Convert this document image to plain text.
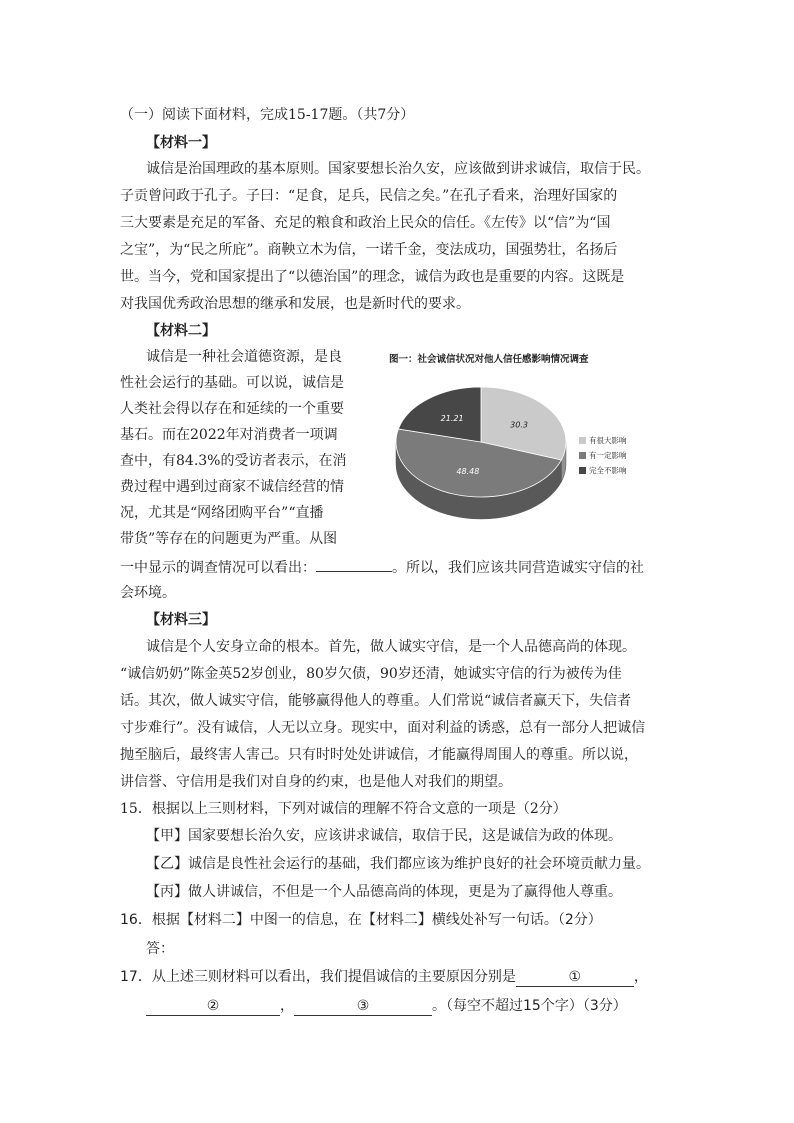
（一）阅读下面材料，完成15-17题。（共7分）
【材料一】
诚信是治国理政的基本原则。国家要想长治久安，应该做到讲求诚信，取信于民。
子贡曾问政于孔子。子曰：“足食，足兵，民信之矣。”在孔子看来，治理好国家的
三大要素是充足的军备、充足的粮食和政治上民众的信任。《左传》以“信”为“国
之宝”，为“民之所庇”。商鞅立木为信，一诺千金，变法成功，国强势壮，名扬后
世。当今，党和国家提出了“以德治国”的理念，诚信为政也是重要的内容。这既是
对我国优秀政治思想的继承和发展，也是新时代的要求。
【材料二】
诚信是一种社会道德资源，是良
性社会运行的基础。可以说，诚信是
人类社会得以存在和延续的一个重要
基石。而在2022年对消费者一项调
查中，有84.3%的受访者表示，在消
费过程中遇到过商家不诚信经营的情
况，尤其是“网络团购平台”“直播
带货”等存在的问题更为严重。从图
一中显示的调查情况可以看出：	。所以，我们应该共同营造诚实守信的社
会环境。
图一：社会诚信状况对他人信任感影响情况调查
30.3
48.48
21.21
有很大影响
有一定影响
完全不影响
【材料三】
诚信是个人安身立命的根本。首先，做人诚实守信，是一个人品德高尚的体现。
“诚信奶奶”陈金英52岁创业，80岁欠债，90岁还清，她诚实守信的行为被传为佳
话。其次，做人诚实守信，能够赢得他人的尊重。人们常说“诚信者赢天下，失信者
寸步难行”。没有诚信，人无以立身。现实中，面对利益的诱惑，总有一部分人把诚信
抛至脑后，最终害人害己。只有时时处处讲诚信，才能赢得周围人的尊重。所以说，
讲信誉、守信用是我们对自身的约束，也是他人对我们的期望。
15．根据以上三则材料，下列对诚信的理解不符合文意的一项是（2分）
【甲】国家要想长治久安，应该讲求诚信，取信于民，这是诚信为政的体现。
【乙】诚信是良性社会运行的基础，我们都应该为维护良好的社会环境贡献力量。
【丙】做人讲诚信，不但是一个人品德高尚的体现，更是为了赢得他人尊重。
16．根据【材料二】中图一的信息，在【材料二】横线处补写一句话。（2分）
答：
17．从上述三则材料可以看出，我们提倡诚信的主要原因分别是	①	，
②	，	③	。（每空不超过15个字）（3分）
